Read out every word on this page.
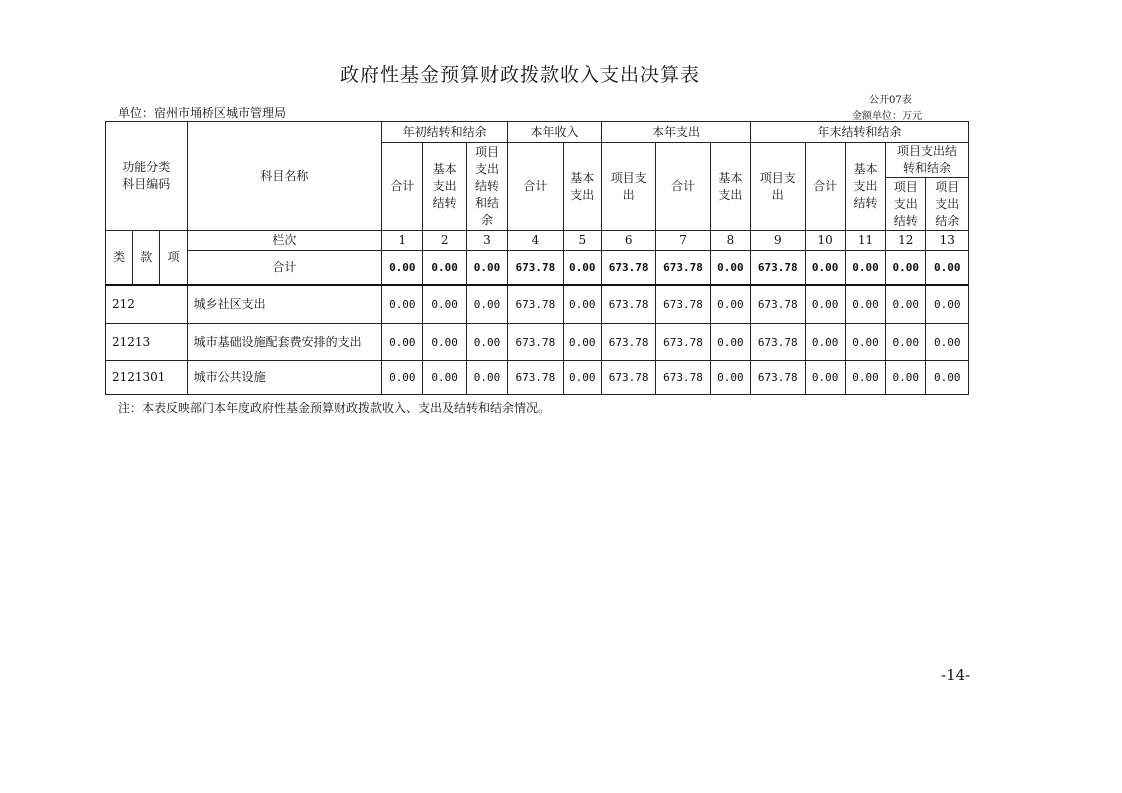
政府性基金预算财政拨款收入支出决算表
公开07表
单位：宿州市埇桥区城市管理局	金额单位：万元
功能分类科目编码			科目名称	年初结转和结余			本年收入		本年支出			年末结转和结余				
				合计	基本支出结转	项目支出结转和结余	合计	基本支出	项目支出	合计	基本支出	项目支出	合计	基本支出结转	项目支出结转和结余	
															项目支出结转	项目支出结余
类	款	项	栏次	1	2	3	4	5	6	7	8	9	10	11	12	13
			合计	0.00	0.00	0.00	673.78	0.00	673.78	673.78	0.00	673.78	0.00	0.00	0.00	0.00
212			城乡社区支出	0.00	0.00	0.00	673.78	0.00	673.78	673.78	0.00	673.78	0.00	0.00	0.00	0.00
21213			城市基础设施配套费安排的支出	0.00	0.00	0.00	673.78	0.00	673.78	673.78	0.00	673.78	0.00	0.00	0.00	0.00
2121301			城市公共设施	0.00	0.00	0.00	673.78	0.00	673.78	673.78	0.00	673.78	0.00	0.00	0.00	0.00
注：本表反映部门本年度政府性基金预算财政拨款收入、支出及结转和结余情况。
-14-
